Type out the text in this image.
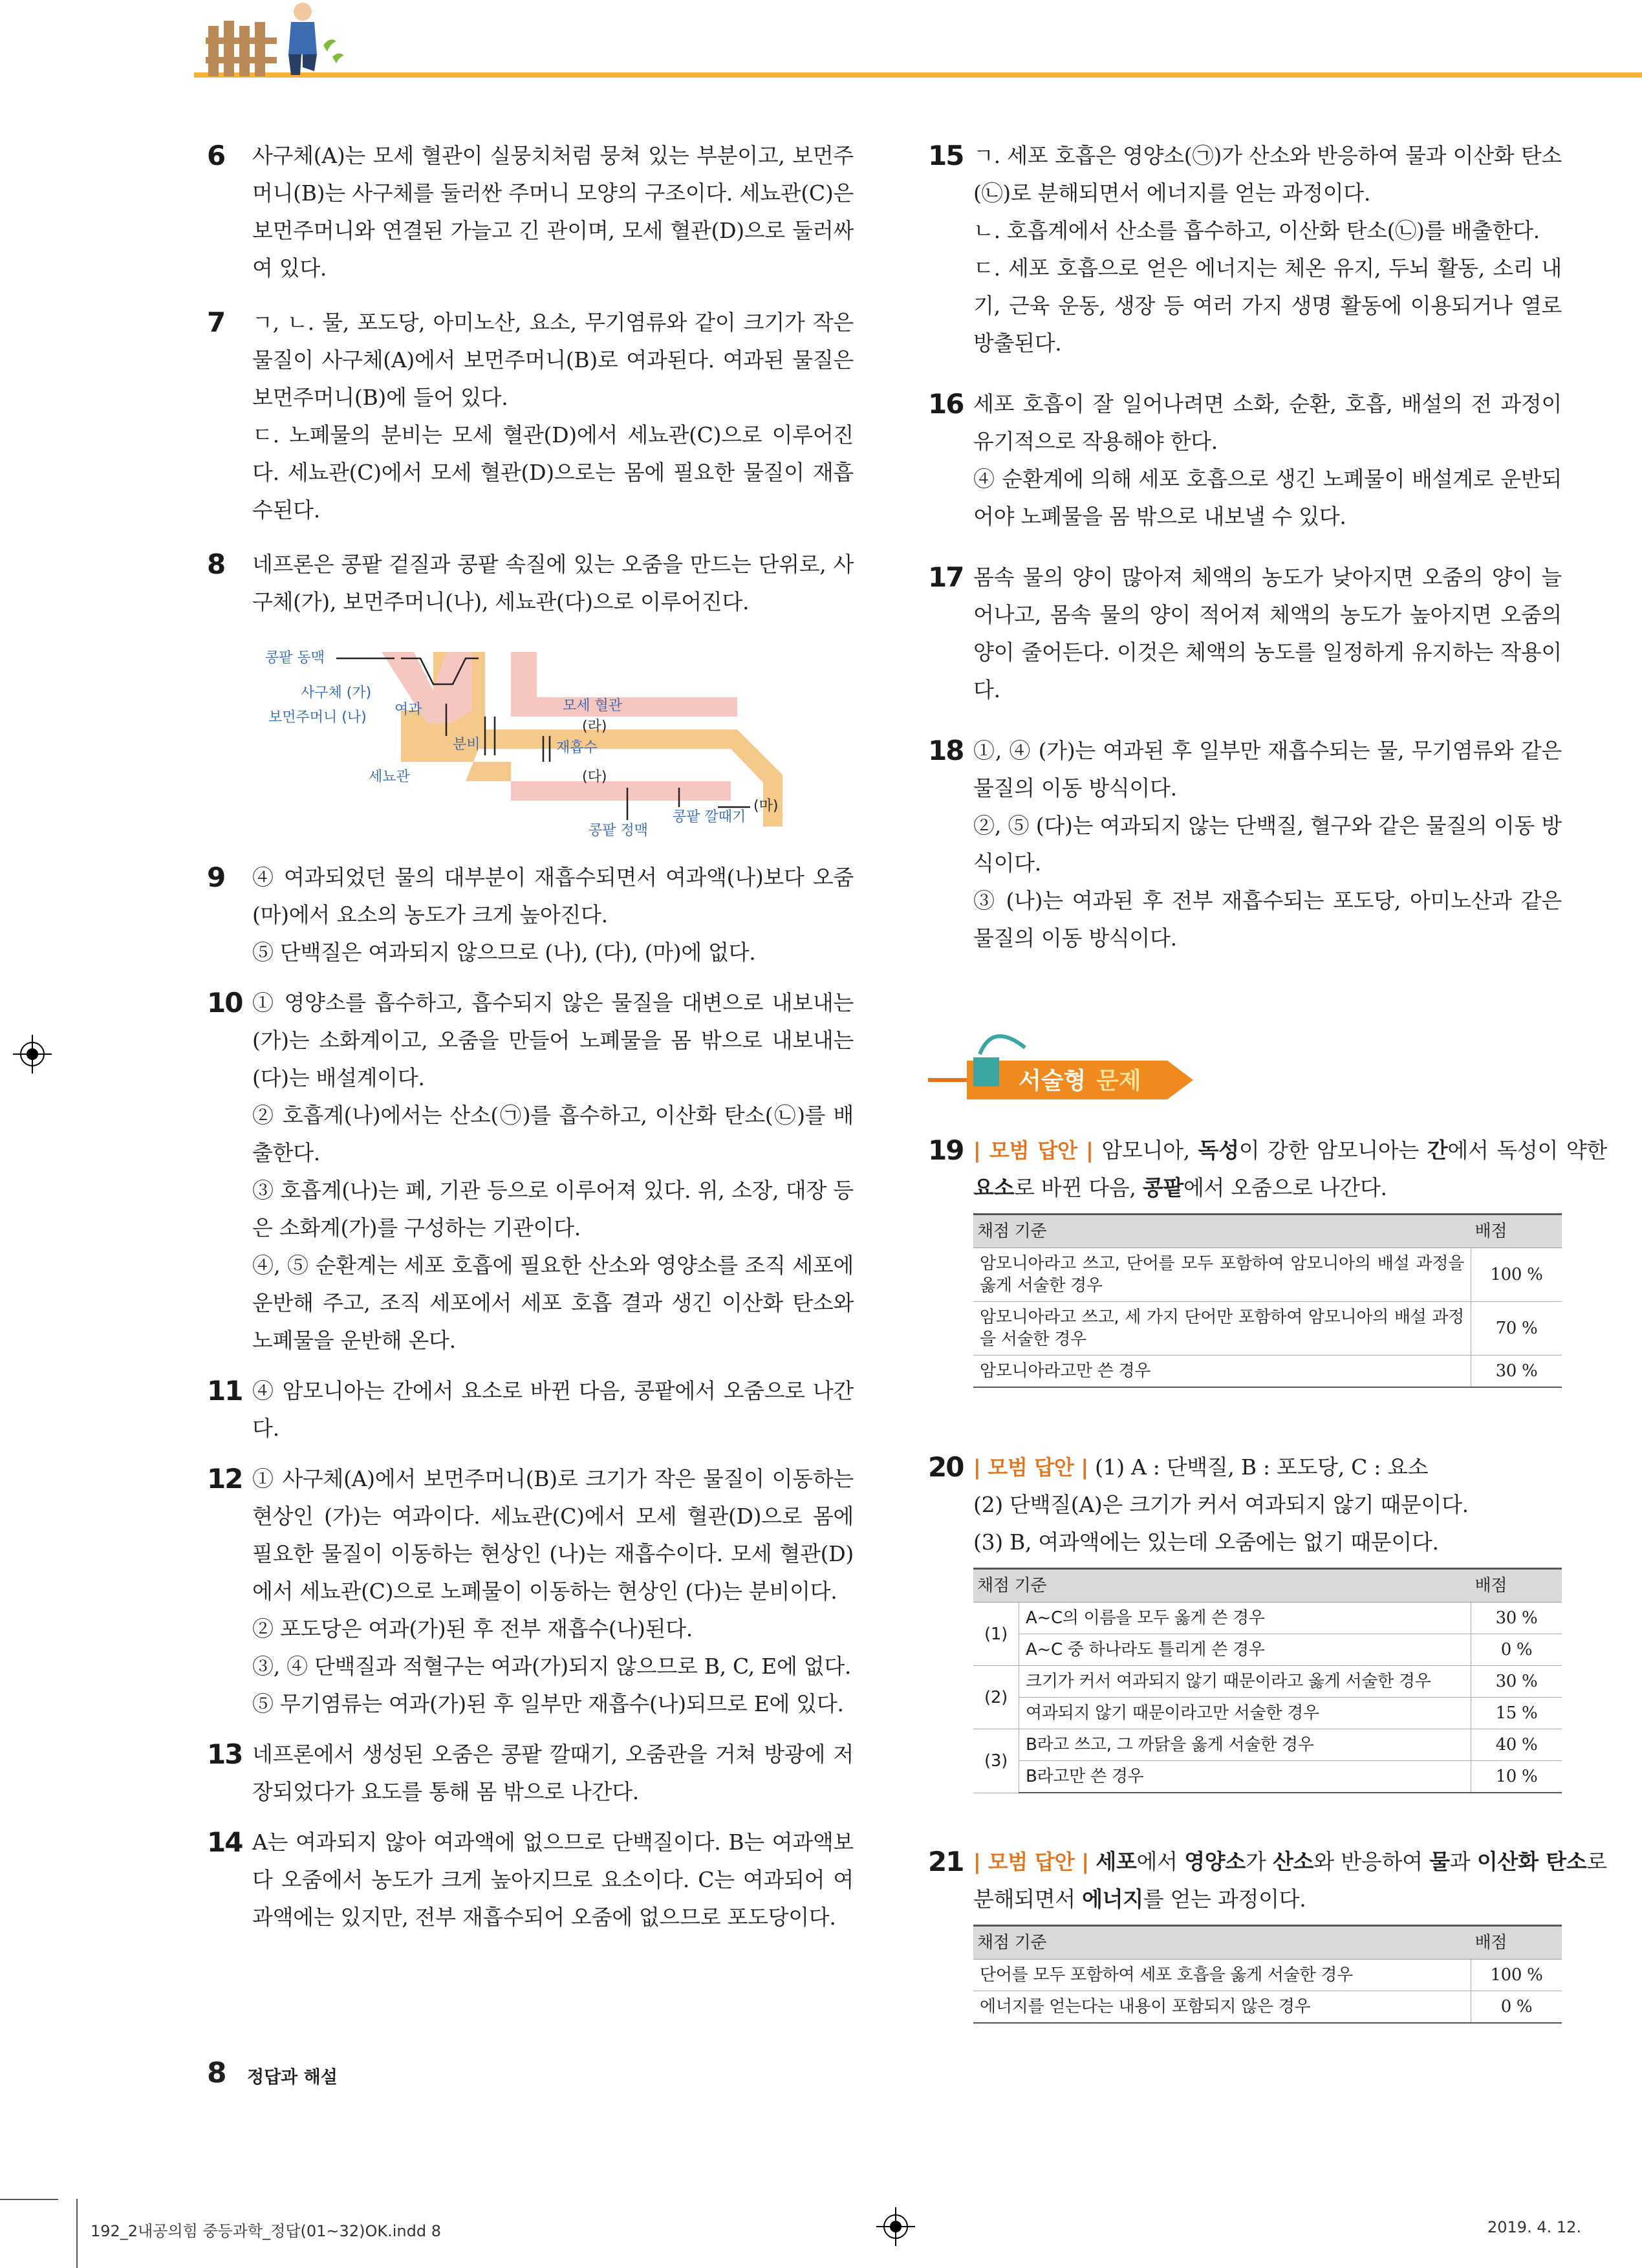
6 사구체(A)는 모세 혈관이 실뭉치처럼 뭉쳐 있는 부분이고, 보먼주머니(B)는 사구체를 둘러싼 주머니 모양의 구조이다. 세뇨관(C)은 보먼주머니와 연결된 가늘고 긴 관이며, 모세 혈관(D)으로 둘러싸여 있다.

7 ㄱ, ㄴ. 물, 포도당, 아미노산, 요소, 무기염류와 같이 크기가 작은 물질이 사구체(A)에서 보먼주머니(B)로 여과된다. 여과된 물질은 보먼주머니(B)에 들어 있다.

ㄷ. 노폐물의 분비는 모세 혈관(D)에서 세뇨관(C)으로 이루어진다. 세뇨관(C)에서 모세 혈관(D)으로는 몸에 필요한 물질이 재흡수된다.

8 네프론은 콩팥 겉질과 콩팥 속질에 있는 오줌을 만드는 단위로, 사구체(가), 보먼주머니(나), 세뇨관(다)으로 이루어진다.

콩팥 동맥
사구체 (가)
보먼주머니 (나) 여과	모세 혈관
(라)
재흡수
분비
세뇨관	(다)
(마)
콩팥 정맥
콩팥 깔때기
9 ④ 여과되었던 물의 대부분이 재흡수되면서 여과액(나)보다 오줌(마)에서 요소의 농도가 크게 높아진다.

⑤ 단백질은 여과되지 않으므로 (나), (다), (마)에 없다.

10 ① 영양소를 흡수하고, 흡수되지 않은 물질을 대변으로 내보내는 (가)는 소화계이고, 오줌을 만들어 노폐물을 몸 밖으로 내보내는 (다)는 배설계이다.

② 호흡계(나)에서는 산소(㉠)를 흡수하고, 이산화 탄소(㉡)를 배출한다.

③ 호흡계(나)는 폐, 기관 등으로 이루어져 있다. 위, 소장, 대장 등은 소화계(가)를 구성하는 기관이다.

④, ⑤ 순환계는 세포 호흡에 필요한 산소와 영양소를 조직 세포에 운반해 주고, 조직 세포에서 세포 호흡 결과 생긴 이산화 탄소와 노폐물을 운반해 온다.

11 ④ 암모니아는 간에서 요소로 바뀐 다음, 콩팥에서 오줌으로 나간다.

12 ① 사구체(A)에서 보먼주머니(B)로 크기가 작은 물질이 이동하는 현상인 (가)는 여과이다. 세뇨관(C)에서 모세 혈관(D)으로 몸에 필요한 물질이 이동하는 현상인 (나)는 재흡수이다. 모세 혈관(D)에서 세뇨관(C)으로 노폐물이 이동하는 현상인 (다)는 분비이다.

② 포도당은 여과(가)된 후 전부 재흡수(나)된다.

③, ④ 단백질과 적혈구는 여과(가)되지 않으므로 B, C, E에 없다.

⑤ 무기염류는 여과(가)된 후 일부만 재흡수(나)되므로 E에 있다.

13 네프론에서 생성된 오줌은 콩팥 깔때기, 오줌관을 거쳐 방광에 저장되었다가 요도를 통해 몸 밖으로 나간다.

14 A는 여과되지 않아 여과액에 없으므로 단백질이다. B는 여과액보다 오줌에서 농도가 크게 높아지므로 요소이다. C는 여과되어 여과액에는 있지만, 전부 재흡수되어 오줌에 없으므로 포도당이다.

15 ㄱ. 세포 호흡은 영양소(㉠)가 산소와 반응하여 물과 이산화 탄소(㉡)로 분해되면서 에너지를 얻는 과정이다.

ㄴ. 호흡계에서 산소를 흡수하고, 이산화 탄소(㉡)를 배출한다.

ㄷ. 세포 호흡으로 얻은 에너지는 체온 유지, 두뇌 활동, 소리 내기, 근육 운동, 생장 등 여러 가지 생명 활동에 이용되거나 열로 방출된다.

16 세포 호흡이 잘 일어나려면 소화, 순환, 호흡, 배설의 전 과정이 유기적으로 작용해야 한다.

④ 순환계에 의해 세포 호흡으로 생긴 노폐물이 배설계로 운반되어야 노폐물을 몸 밖으로 내보낼 수 있다.

17 몸속 물의 양이 많아져 체액의 농도가 낮아지면 오줌의 양이 늘어나고, 몸속 물의 양이 적어져 체액의 농도가 높아지면 오줌의 양이 줄어든다. 이것은 체액의 농도를 일정하게 유지하는 작용이다.

18 ①, ④ (가)는 여과된 후 일부만 재흡수되는 물, 무기염류와 같은 물질의 이동 방식이다.

②, ⑤ (다)는 여과되지 않는 단백질, 혈구와 같은 물질의 이동 방식이다.

③ (나)는 여과된 후 전부 재흡수되는 포도당, 아미노산과 같은 물질의 이동 방식이다.

서술형 문제
19 | 모범 답안 | 암모니아, 독성이 강한 암모니아는 간에서 독성이 약한 요소로 바뀐 다음, 콩팥에서 오줌으로 나간다.

채점 기준	배점
암모니아라고 쓰고, 단어를 모두 포함하여 암모니아의 배설 과정을 옳게 서술한 경우	100 %
암모니아라고 쓰고, 세 가지 단어만 포함하여 암모니아의 배설 과정을 서술한 경우	70 %
암모니아라고만 쓴 경우	30 %
20 | 모범 답안 | (1) A : 단백질, B : 포도당, C : 요소

(2) 단백질(A)은 크기가 커서 여과되지 않기 때문이다.

(3) B, 여과액에는 있는데 오줌에는 없기 때문이다.

채점 기준		배점
(1)	A~C의 이름을 모두 옳게 쓴 경우	30 %
	A~C 중 하나라도 틀리게 쓴 경우	0 %
(2)	크기가 커서 여과되지 않기 때문이라고 옳게 서술한 경우	30 %
	여과되지 않기 때문이라고만 서술한 경우	15 %
(3)	B라고 쓰고, 그 까닭을 옳게 서술한 경우	40 %
	B라고만 쓴 경우	10 %
21 | 모범 답안 | 세포에서 영양소가 산소와 반응하여 물과 이산화 탄소로 분해되면서 에너지를 얻는 과정이다.

채점 기준	배점
단어를 모두 포함하여 세포 호흡을 옳게 서술한 경우	100 %
에너지를 얻는다는 내용이 포함되지 않은 경우	0 %
8 정답과 해설
192_2내공의힘 중등과학_정답(01~32)OK.indd 8	2019. 4. 12.
